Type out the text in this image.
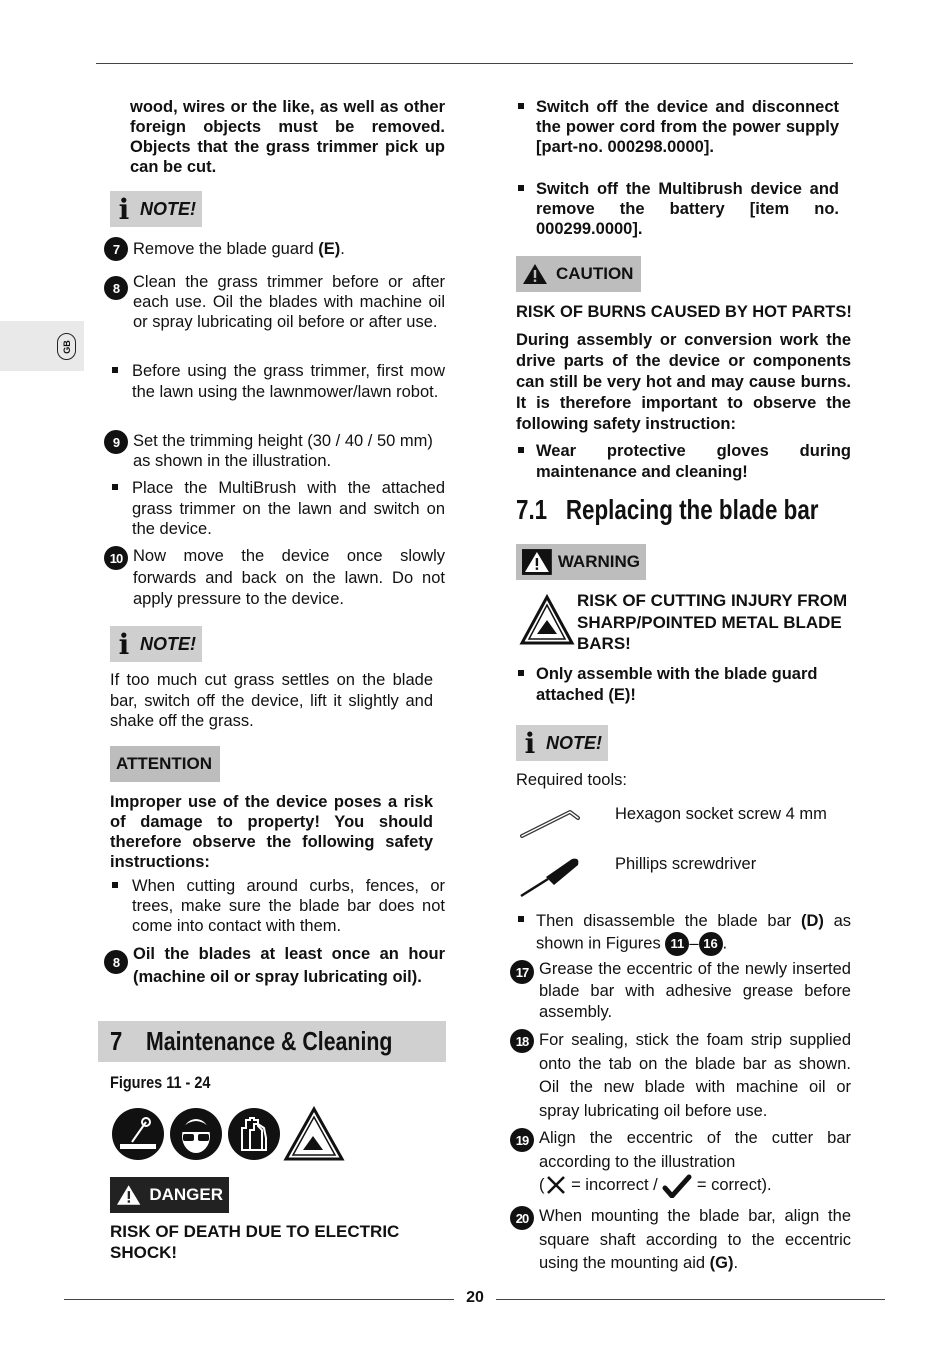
GB

wood, wires or the like, as well as other foreign objects must be removed. Objects that the grass trimmer pick up can be cut.

i NOTE!
7 Remove the blade guard (E).

8 Clean the grass trimmer before or after each use. Oil the blades with machine oil or spray lubricating oil before or after use.

Before using the grass trimmer, first mow the lawn using the lawnmower/lawn robot.

9 Set the trimming height (30 / 40 / 50 mm) as shown in the illustration.

Place the MultiBrush with the attached grass trimmer on the lawn and switch on the device.

10 Now move the device once slowly forwards and back on the lawn. Do not apply pressure to the device.

i NOTE!

If too much cut grass settles on the blade bar, switch off the device, lift it slightly and shake off the grass.

ATTENTION

Improper use of the device poses a risk of damage to property! You should therefore observe the following safety instructions:

When cutting around curbs, fences, or trees, make sure the blade bar does not come into contact with them.

8 Oil the blades at least once an hour (machine oil or spray lubricating oil).

7 Maintenance & Cleaning

Figures 11 - 24

DANGER

RISK OF DEATH DUE TO ELECTRIC SHOCK!

Switch off the device and disconnect the power cord from the power supply [part-no. 000298.0000].

Switch off the Multibrush device and remove the battery [item no. 000299.0000].

CAUTION

RISK OF BURNS CAUSED BY HOT PARTS!

During assembly or conversion work the drive parts of the device or components can still be very hot and may cause burns. It is therefore important to observe the following safety instruction:

Wear protective gloves during maintenance and cleaning!

7.1 Replacing the blade bar

WARNING

RISK OF CUTTING INJURY FROM SHARP/POINTED METAL BLADE BARS!

Only assemble with the blade guard attached (E)!

i NOTE!

Required tools:

Hexagon socket screw 4 mm

Phillips screwdriver

Then disassemble the blade bar (D) as shown in Figures 11 – 16 .

17 Grease the eccentric of the newly inserted blade bar with adhesive grease before assembly.

18 For sealing, stick the foam strip supplied onto the tab on the blade bar as shown. Oil the new blade with machine oil or spray lubricating oil before use.

19 Align the eccentric of the cutter bar according to the illustration

( = incorrect /  = correct).

20 When mounting the blade bar, align the square shaft according to the eccentric using the mounting aid (G).

20
